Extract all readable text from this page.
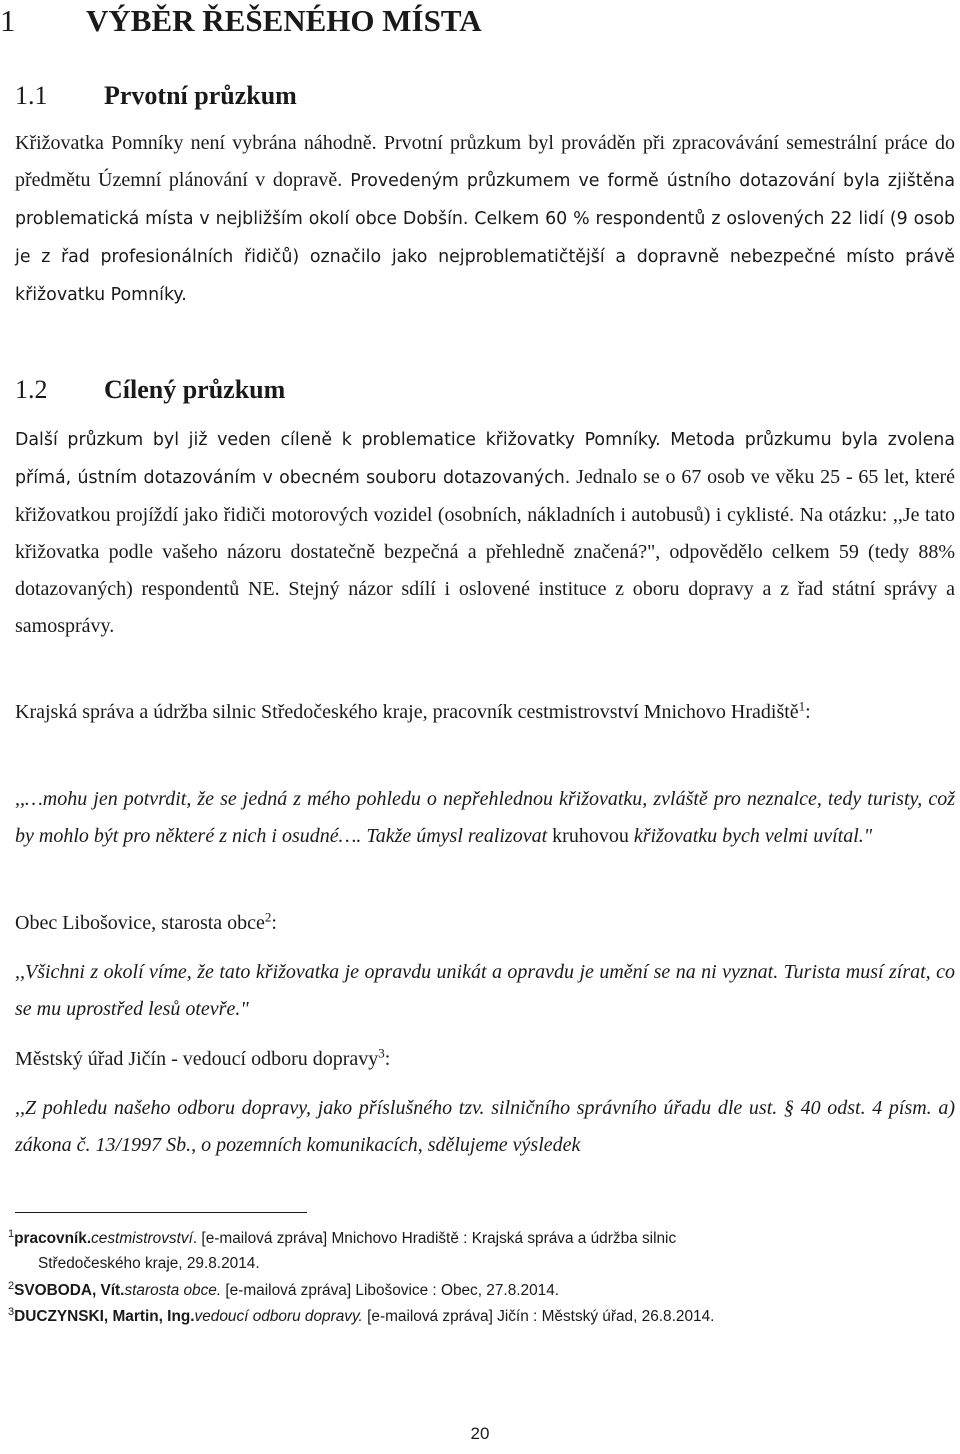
1 VÝBĚR ŘEŠENÉHO MÍSTA
1.1 Prvotní průzkum

Křižovatka Pomníky není vybrána náhodně. Prvotní průzkum byl prováděn při zpracovávání semestrální práce do předmětu Územní plánování v dopravě. Provedeným průzkumem ve formě ústního dotazování byla zjištěna problematická místa v nejbližším okolí obce Dobšín. Celkem 60 % respondentů z oslovených 22 lidí (9 osob je z řad profesionálních řidičů) označilo jako nejproblematičtější a dopravně nebezpečné místo právě křižovatku Pomníky.

1.2 Cílený průzkum

Další průzkum byl již veden cíleně k problematice křižovatky Pomníky. Metoda průzkumu byla zvolena přímá, ústním dotazováním v obecném souboru dotazovaných. Jednalo se o 67 osob ve věku 25 - 65 let, které křižovatkou projíždí jako řidiči motorových vozidel (osobních, nákladních i autobusů) i cyklisté. Na otázku: ,,Je tato křižovatka podle vašeho názoru dostatečně bezpečná a přehledně značená?", odpovědělo celkem 59 (tedy 88% dotazovaných) respondentů NE. Stejný názor sdílí i oslovené instituce z oboru dopravy a z řad státní správy a samosprávy.

Krajská správa a údržba silnic Středočeského kraje, pracovník cestmistrovství Mnichovo Hradiště$^1$:

,,…mohu jen potvrdit, že se jedná z mého pohledu o nepřehlednou křižovatku, zvláště pro neznalce, tedy turisty, což by mohlo být pro některé z nich i osudné…. Takže úmysl realizovat kruhovou křižovatku bych velmi uvítal."

Obec Libošovice, starosta obce$^2$:

,,Všichni z okolí víme, že tato křižovatka je opravdu unikát a opravdu je umění se na ni vyznat. Turista musí zírat, co se mu uprostřed lesů otevře."

Městský úřad Jičín - vedoucí odboru dopravy$^3$:

,,Z pohledu našeho odboru dopravy, jako příslušného tzv. silničního správního úřadu dle ust. § 40 odst. 4 písm. a) zákona č. 13/1997 Sb., o pozemních komunikacích, sdělujeme výsledek

$^1$pracovník.cestmistrovství. [e-mailová zpráva] Mnichovo Hradiště : Krajská správa a údržba silnic
Středočeského kraje, 29.8.2014.

$^2$SVOBODA, Vít.starosta obce. [e-mailová zpráva] Libošovice : Obec, 27.8.2014.

$^3$DUCZYNSKI, Martin, Ing.vedoucí odboru dopravy. [e-mailová zpráva] Jičín : Městský úřad, 26.8.2014.

20
